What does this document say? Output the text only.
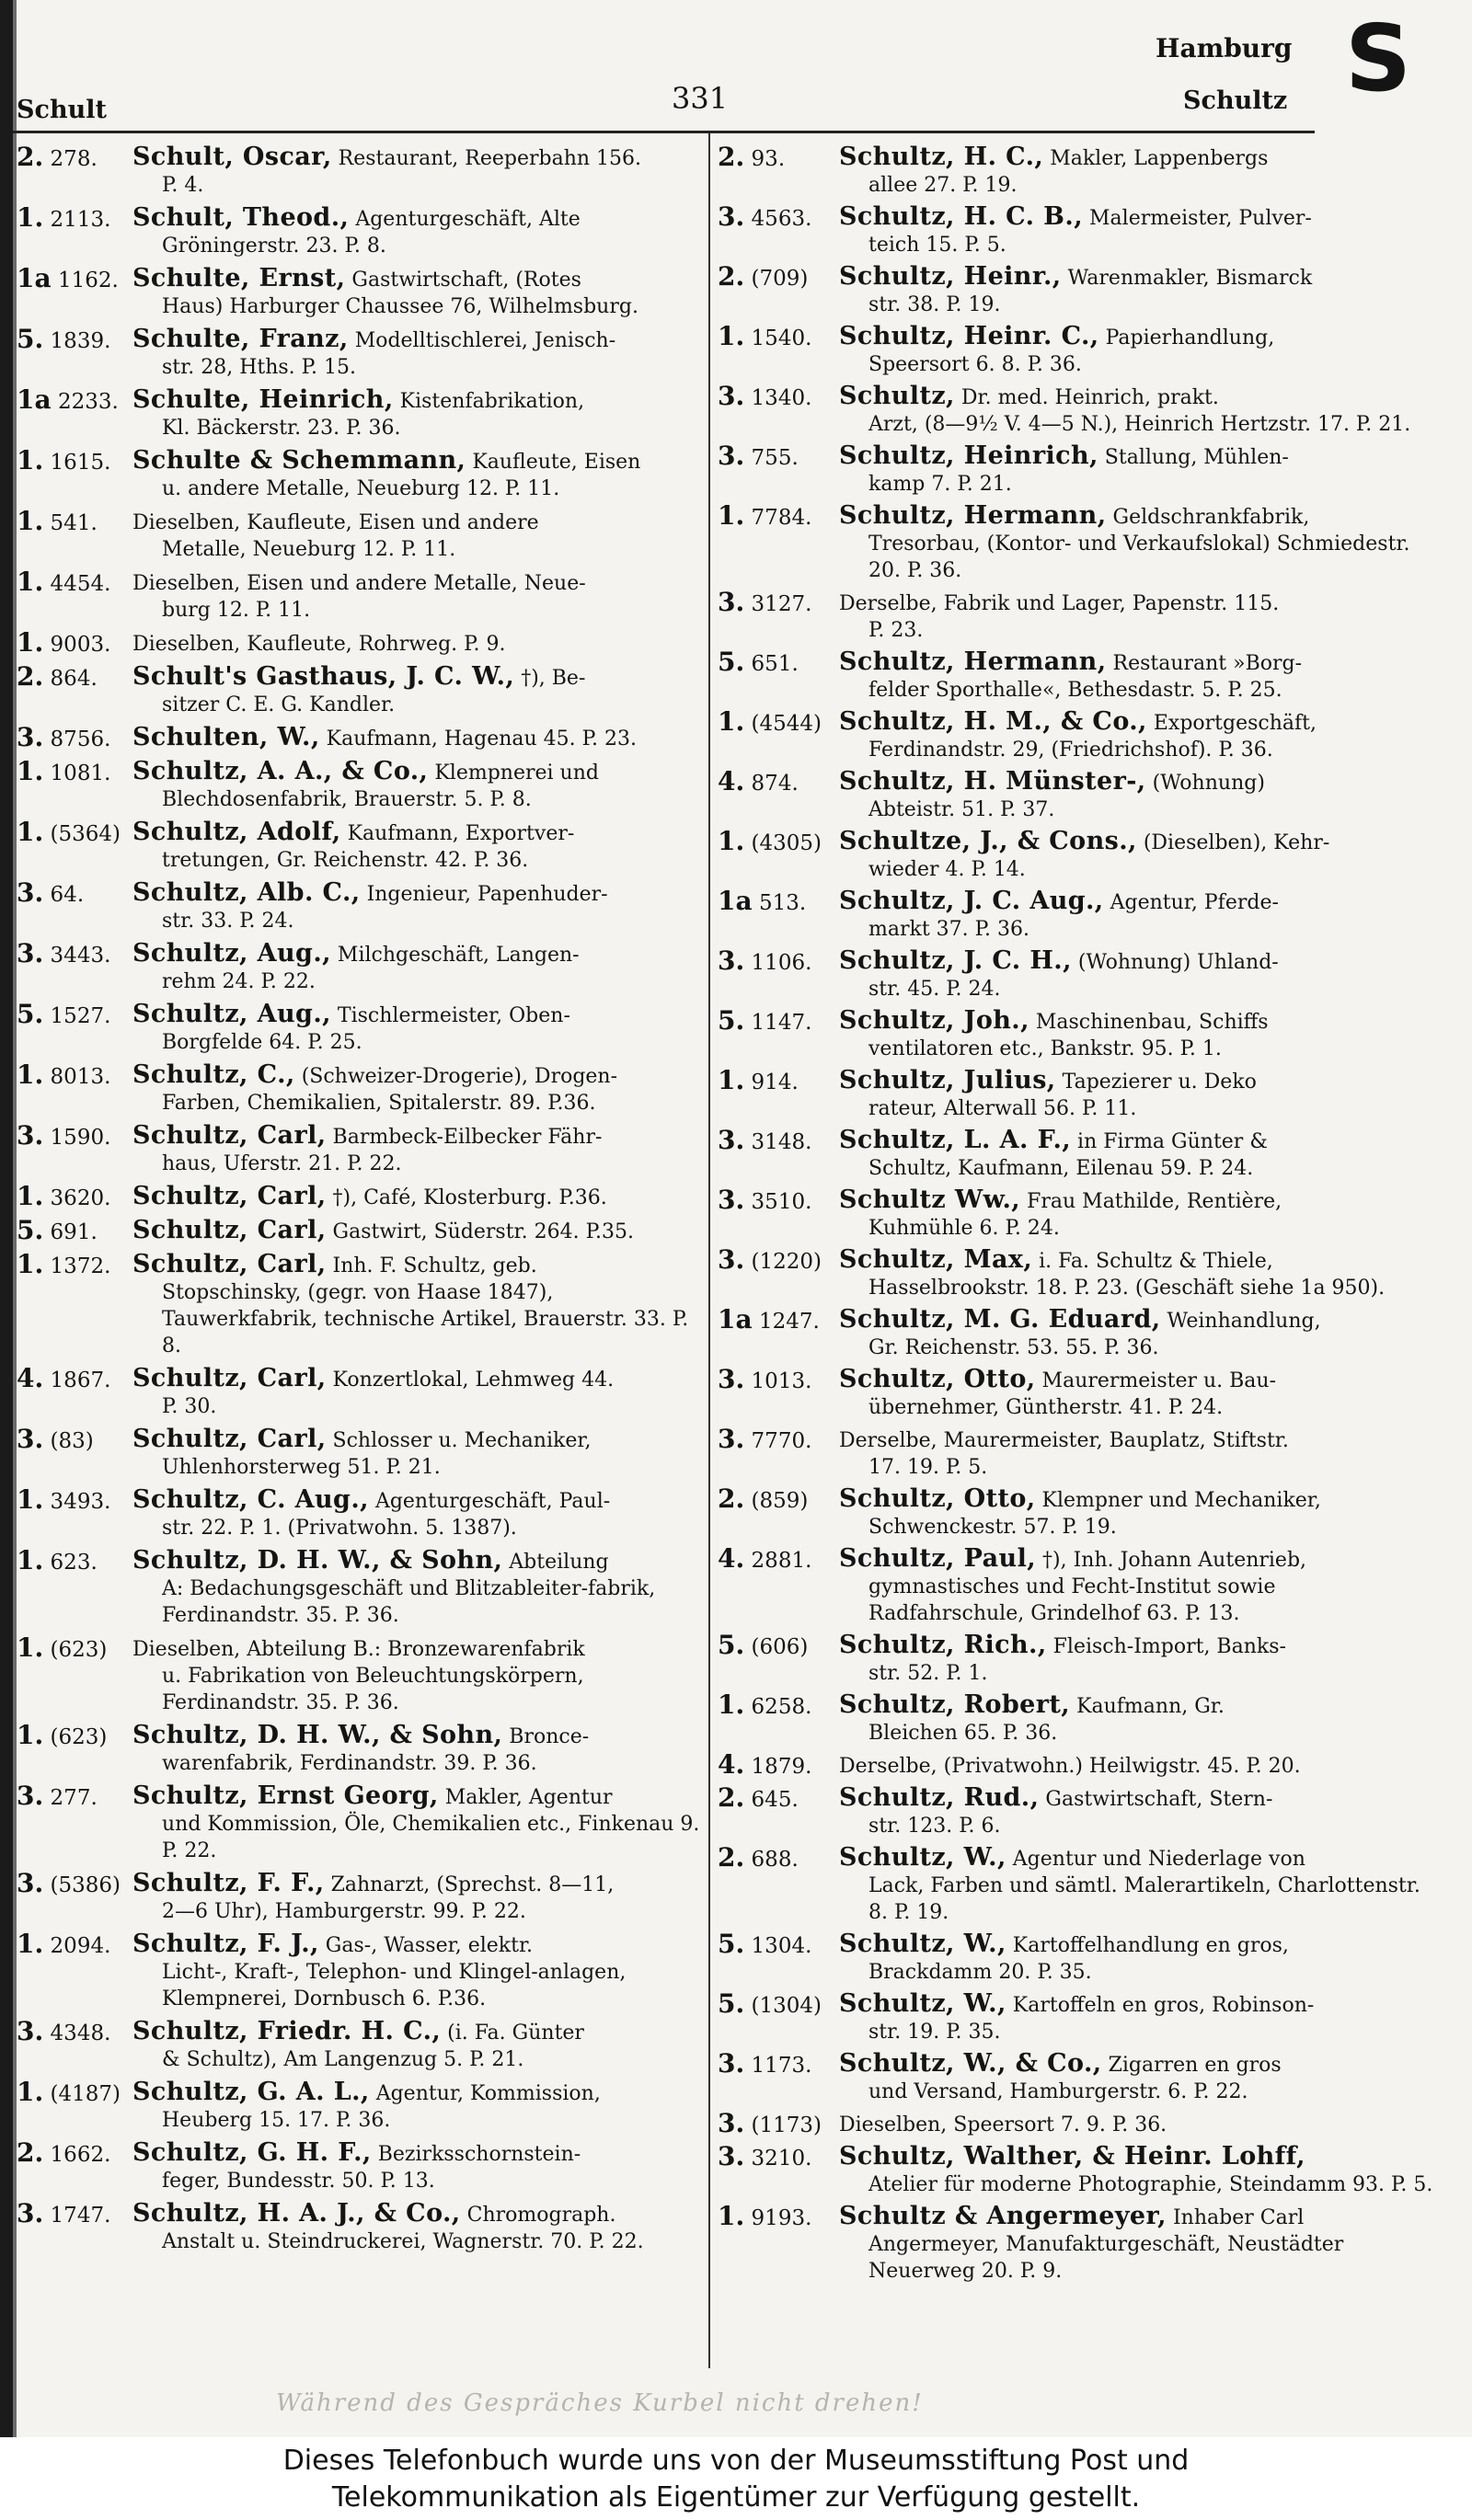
Schult	331
Hamburg
Schultz S
2. 278. Schult, Oscar, Restaurant, Reeperbahn 156.
P. 4.
1. 2113. Schult, Theod., Agenturgeschäft, Alte
Gröningerstr. 23. P. 8.
1a 1162. Schulte, Ernst, Gastwirtschaft, (Rotes
Haus) Harburger Chaussee 76, Wilhelmsburg.
5. 1839. Schulte, Franz, Modelltischlerei, Jenisch-
str. 28, Hths. P. 15.
1a 2233. Schulte, Heinrich, Kistenfabrikation,
Kl. Bäckerstr. 23. P. 36.
1. 1615. Schulte & Schemmann, Kaufleute, Eisen
u. andere Metalle, Neueburg 12. P. 11.
1. 541. Dieselben, Kaufleute, Eisen und andere
Metalle, Neueburg 12. P. 11.
1. 4454. Dieselben, Eisen und andere Metalle, Neue-
burg 12. P. 11.
1. 9003. Dieselben, Kaufleute, Rohrweg. P. 9.
2. 864. Schult's Gasthaus, J. C. W., †), Be-
sitzer C. E. G. Kandler.
3. 8756. Schulten, W., Kaufmann, Hagenau 45. P. 23.
1. 1081. Schultz, A. A., & Co., Klempnerei und
Blechdosenfabrik, Brauerstr. 5. P. 8.
1. (5364) Schultz, Adolf, Kaufmann, Exportver-
tretungen, Gr. Reichenstr. 42. P. 36.
3. 64. Schultz, Alb. C., Ingenieur, Papenhuder-
str. 33. P. 24.
3. 3443. Schultz, Aug., Milchgeschäft, Langen-
rehm 24. P. 22.
5. 1527. Schultz, Aug., Tischlermeister, Oben-
Borgfelde 64. P. 25.
1. 8013. Schultz, C., (Schweizer-Drogerie), Drogen-
Farben, Chemikalien, Spitalerstr. 89. P.36.
3. 1590. Schultz, Carl, Barmbeck-Eilbecker Fähr-
haus, Uferstr. 21. P. 22.
1. 3620. Schultz, Carl, †), Café, Klosterburg. P.36.
5. 691. Schultz, Carl, Gastwirt, Süderstr. 264. P.35.
1. 1372. Schultz, Carl, Inh. F. Schultz, geb.
Stopschinsky, (gegr. von Haase 1847), Tauwerkfabrik, technische Artikel, Brauerstr. 33. P. 8.
4. 1867. Schultz, Carl, Konzertlokal, Lehmweg 44.
P. 30.
3. (83) Schultz, Carl, Schlosser u. Mechaniker,
Uhlenhorsterweg 51. P. 21.
1. 3493. Schultz, C. Aug., Agenturgeschäft, Paul-
str. 22. P. 1. (Privatwohn. 5. 1387).
1. 623. Schultz, D. H. W., & Sohn, Abteilung
A: Bedachungsgeschäft und Blitzableiter-fabrik, Ferdinandstr. 35. P. 36.
1. (623) Dieselben, Abteilung B.: Bronzewarenfabrik
u. Fabrikation von Beleuchtungskörpern, Ferdinandstr. 35. P. 36.
1. (623) Schultz, D. H. W., & Sohn, Bronce-
warenfabrik, Ferdinandstr. 39. P. 36.
3. 277. Schultz, Ernst Georg, Makler, Agentur
und Kommission, Öle, Chemikalien etc., Finkenau 9. P. 22.
3. (5386) Schultz, F. F., Zahnarzt, (Sprechst. 8—11,
2—6 Uhr), Hamburgerstr. 99. P. 22.
1. 2094. Schultz, F. J., Gas-, Wasser, elektr.
Licht-, Kraft-, Telephon- und Klingel-anlagen, Klempnerei, Dornbusch 6. P.36.
3. 4348. Schultz, Friedr. H. C., (i. Fa. Günter
& Schultz), Am Langenzug 5. P. 21.
1. (4187) Schultz, G. A. L., Agentur, Kommission,
Heuberg 15. 17. P. 36.
2. 1662. Schultz, G. H. F., Bezirksschornstein-
feger, Bundesstr. 50. P. 13.
3. 1747. Schultz, H. A. J., & Co., Chromograph.
Anstalt u. Steindruckerei, Wagnerstr. 70. P. 22.
2. 93. Schultz, H. C., Makler, Lappenbergs
allee 27. P. 19.
3. 4563. Schultz, H. C. B., Malermeister, Pulver-
teich 15. P. 5.
2. (709) Schultz, Heinr., Warenmakler, Bismarck
str. 38. P. 19.
1. 1540. Schultz, Heinr. C., Papierhandlung,
Speersort 6. 8. P. 36.
3. 1340. Schultz, Dr. med. Heinrich, prakt.
Arzt, (8—9½ V. 4—5 N.), Heinrich Hertzstr. 17. P. 21.
3. 755. Schultz, Heinrich, Stallung, Mühlen-
kamp 7. P. 21.
1. 7784. Schultz, Hermann, Geldschrankfabrik,
Tresorbau, (Kontor- und Verkaufslokal) Schmiedestr. 20. P. 36.
3. 3127. Derselbe, Fabrik und Lager, Papenstr. 115.
P. 23.
5. 651. Schultz, Hermann, Restaurant »Borg-
felder Sporthalle«, Bethesdastr. 5. P. 25.
1. (4544) Schultz, H. M., & Co., Exportgeschäft,
Ferdinandstr. 29, (Friedrichshof). P. 36.
4. 874. Schultz, H. Münster-, (Wohnung)
Abteistr. 51. P. 37.
1. (4305) Schultze, J., & Cons., (Dieselben), Kehr-
wieder 4. P. 14.
1a 513. Schultz, J. C. Aug., Agentur, Pferde-
markt 37. P. 36.
3. 1106. Schultz, J. C. H., (Wohnung) Uhland-
str. 45. P. 24.
5. 1147. Schultz, Joh., Maschinenbau, Schiffs
ventilatoren etc., Bankstr. 95. P. 1.
1. 914. Schultz, Julius, Tapezierer u. Deko
rateur, Alterwall 56. P. 11.
3. 3148. Schultz, L. A. F., in Firma Günter &
Schultz, Kaufmann, Eilenau 59. P. 24.
3. 3510. Schultz Ww., Frau Mathilde, Rentière,
Kuhmühle 6. P. 24.
3. (1220) Schultz, Max, i. Fa. Schultz & Thiele,
Hasselbrookstr. 18. P. 23. (Geschäft siehe 1a 950).
1a 1247. Schultz, M. G. Eduard, Weinhandlung,
Gr. Reichenstr. 53. 55. P. 36.
3. 1013. Schultz, Otto, Maurermeister u. Bau-
übernehmer, Güntherstr. 41. P. 24.
3. 7770. Derselbe, Maurermeister, Bauplatz, Stiftstr.
17. 19. P. 5.
2. (859) Schultz, Otto, Klempner und Mechaniker,
Schwenckestr. 57. P. 19.
4. 2881. Schultz, Paul, †), Inh. Johann Autenrieb,
gymnastisches und Fecht-Institut sowie Radfahrschule, Grindelhof 63. P. 13.
5. (606) Schultz, Rich., Fleisch-Import, Banks-
str. 52. P. 1.
1. 6258. Schultz, Robert, Kaufmann, Gr.
Bleichen 65. P. 36.
4. 1879. Derselbe, (Privatwohn.) Heilwigstr. 45. P. 20.
2. 645. Schultz, Rud., Gastwirtschaft, Stern-
str. 123. P. 6.
2. 688. Schultz, W., Agentur und Niederlage von
Lack, Farben und sämtl. Malerartikeln, Charlottenstr. 8. P. 19.
5. 1304. Schultz, W., Kartoffelhandlung en gros,
Brackdamm 20. P. 35.
5. (1304) Schultz, W., Kartoffeln en gros, Robinson-
str. 19. P. 35.
3. 1173. Schultz, W., & Co., Zigarren en gros
und Versand, Hamburgerstr. 6. P. 22.
3. (1173) Dieselben, Speersort 7. 9. P. 36.
3. 3210. Schultz, Walther, & Heinr. Lohff,
Atelier für moderne Photographie, Steindamm 93. P. 5.
1. 9193. Schultz & Angermeyer, Inhaber Carl
Angermeyer, Manufakturgeschäft, Neustädter Neuerweg 20. P. 9.
Während des Gespräches Kurbel nicht drehen!
Dieses Telefonbuch wurde uns von der Museumsstiftung Post und
Telekommunikation als Eigentümer zur Verfügung gestellt.
